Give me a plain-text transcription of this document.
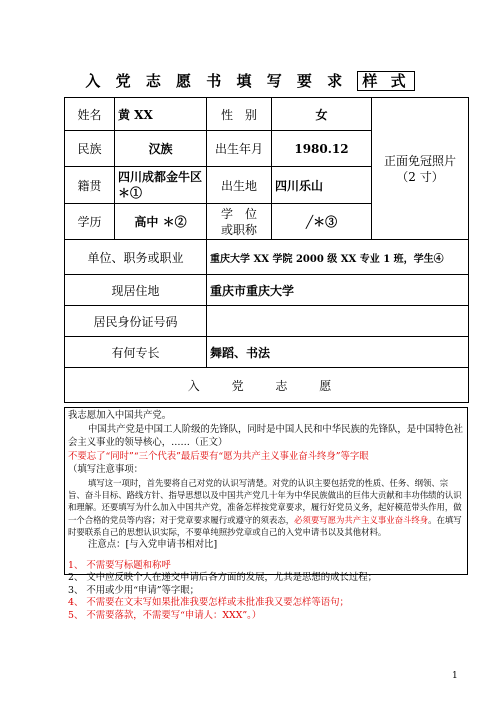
入 党 志 愿 书 填 写 要 求 样 式
姓名	黄 XX	性　别	女	正面免冠照片
（2 寸）

民族	汉族	出生年月	1980.12	
籍贯	四川成都金牛区 ＊①	出生地	四川乐山	
学历	高中 ＊②	学　位
或职称	╱＊③	
单位、职务或职业		重庆大学 XX 学院 2000 级 XX 专业 1 班，学生④		
现居住地		重庆市重庆大学		
居民身份证号码				
有何专长		舞蹈、书法		
入 党 志 愿				

我志愿加入中国共产党。

中国共产党是中国工人阶级的先锋队，同时是中国人民和中华民族的先锋队，是中国特色社会主义事业的领导核心，……（正文）

不要忘了“同时”“三个代表”最后要有“愿为共产主义事业奋斗终身”等字眼

（填写注意事项：

填写这一项时，首先要将自己对党的认识写清楚。对党的认识主要包括党的性质、任务、纲领、宗旨、奋斗目标、路线方针、指导思想以及中国共产党几十年为中华民族做出的巨伟大贡献和丰功伟绩的认识和理解。还要填写为什么加入中国共产党，准备怎样按党章要求，履行好党员义务，起好模范带头作用，做一个合格的党员等内容；对于党章要求履行或遵守的须表态，必须要写愿为共产主义事业奋斗终身。在填写时要联系自己的思想认识实际，不要单纯照抄党章或自己的入党申请书以及其他材料。

注意点：[与入党申请书相对比]

1、 不需要写标题和称呼

2、 文中应反映个人在递交申请后各方面的发展，尤其是思想的成长过程；

3、 不用或少用“申请”等字眼；

4、 不需要在文末写如果批准我要怎样或未批准我又要怎样等语句；

5、 不需要落款，不需要写“申请人：XXX”。）

1
